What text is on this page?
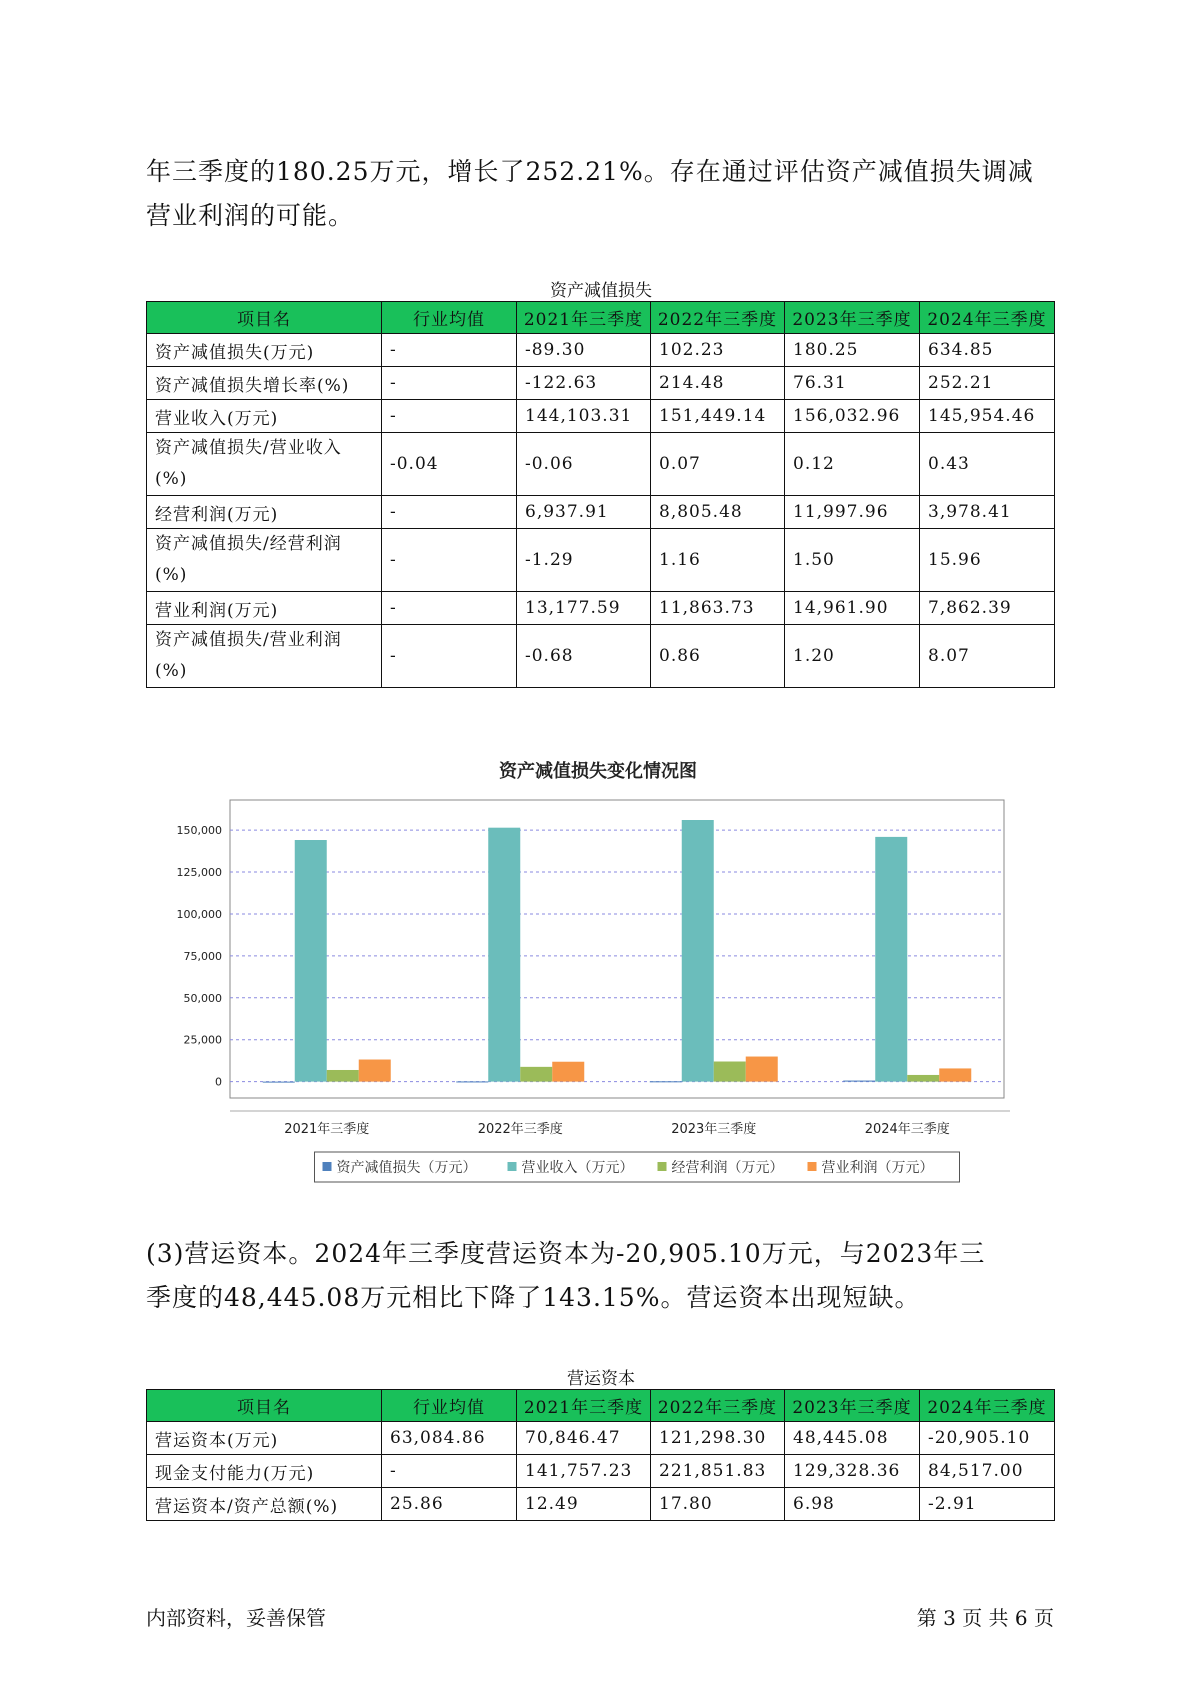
年三季度的180.25万元，增长了252.21%。存在通过评估资产减值损失调减

营业利润的可能。

资产减值损失
项目名	行业均值	2021年三季度	2022年三季度	2023年三季度	2024年三季度
资产减值损失(万元)	-	-89.30	102.23	180.25	634.85
资产减值损失增长率(%)	-	-122.63	214.48	76.31	252.21
营业收入(万元)	-	144,103.31	151,449.14	156,032.96	145,954.46
资产减值损失/营业收入(%)	-0.04	-0.06	0.07	0.12	0.43
经营利润(万元)	-	6,937.91	8,805.48	11,997.96	3,978.41
资产减值损失/经营利润(%)	-	-1.29	1.16	1.50	15.96
营业利润(万元)	-	13,177.59	11,863.73	14,961.90	7,862.39
资产减值损失/营业利润(%)	-	-0.68	0.86	1.20	8.07
资产减值损失变化情况图
0
25,000
50,000
75,000
100,000
125,000
150,000
2021年三季度	2022年三季度	2023年三季度	2024年三季度
资产减值损失（万元）	营业收入（万元）	经营利润（万元）	营业利润（万元）

(3)营运资本。2024年三季度营运资本为-20,905.10万元，与2023年三

季度的48,445.08万元相比下降了143.15%。营运资本出现短缺。

营运资本
项目名	行业均值	2021年三季度	2022年三季度	2023年三季度	2024年三季度
营运资本(万元)	63,084.86	70,846.47	121,298.30	48,445.08	-20,905.10
现金支付能力(万元)	-	141,757.23	221,851.83	129,328.36	84,517.00
营运资本/资产总额(%)	25.86	12.49	17.80	6.98	-2.91
内部资料，妥善保管	第 3 页 共 6 页
